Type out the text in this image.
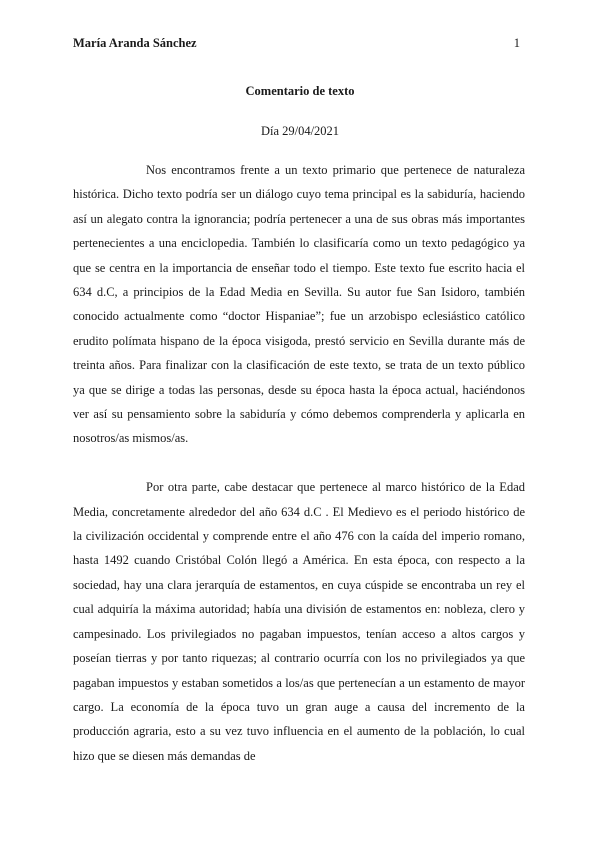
María Aranda Sánchez	1
Comentario de texto
Día 29/04/2021

Nos encontramos frente a un texto primario que pertenece de naturaleza histórica. Dicho texto podría ser un diálogo cuyo tema principal es la sabiduría, haciendo así un alegato contra la ignorancia; podría pertenecer a una de sus obras más importantes pertenecientes a una enciclopedia. También lo clasificaría como un texto pedagógico ya que se centra en la importancia de enseñar todo el tiempo. Este texto fue escrito hacia el 634 d.C, a principios de la Edad Media en Sevilla. Su autor fue San Isidoro, también conocido actualmente como “doctor Hispaniae”; fue un arzobispo eclesiástico católico erudito polímata hispano de la época visigoda, prestó servicio en Sevilla durante más de treinta años. Para finalizar con la clasificación de este texto, se trata de un texto público ya que se dirige a todas las personas, desde su época hasta la época actual, haciéndonos ver así su pensamiento sobre la sabiduría y cómo debemos comprenderla y aplicarla en nosotros/as mismos/as.

Por otra parte, cabe destacar que pertenece al marco histórico de la Edad Media, concretamente alrededor del año 634 d.C . El Medievo es el periodo histórico de la civilización occidental y comprende entre el año 476 con la caída del imperio romano, hasta 1492 cuando Cristóbal Colón llegó a América. En esta época, con respecto a la sociedad, hay una clara jerarquía de estamentos, en cuya cúspide se encontraba un rey el cual adquiría la máxima autoridad; había una división de estamentos en: nobleza, clero y campesinado. Los privilegiados no pagaban impuestos, tenían acceso a altos cargos y poseían tierras y por tanto riquezas; al contrario ocurría con los no privilegiados ya que pagaban impuestos y estaban sometidos a los/as que pertenecían a un estamento de mayor cargo. La economía de la época tuvo un gran auge a causa del incremento de la producción agraria, esto a su vez tuvo influencia en el aumento de la población, lo cual hizo que se diesen más demandas de
